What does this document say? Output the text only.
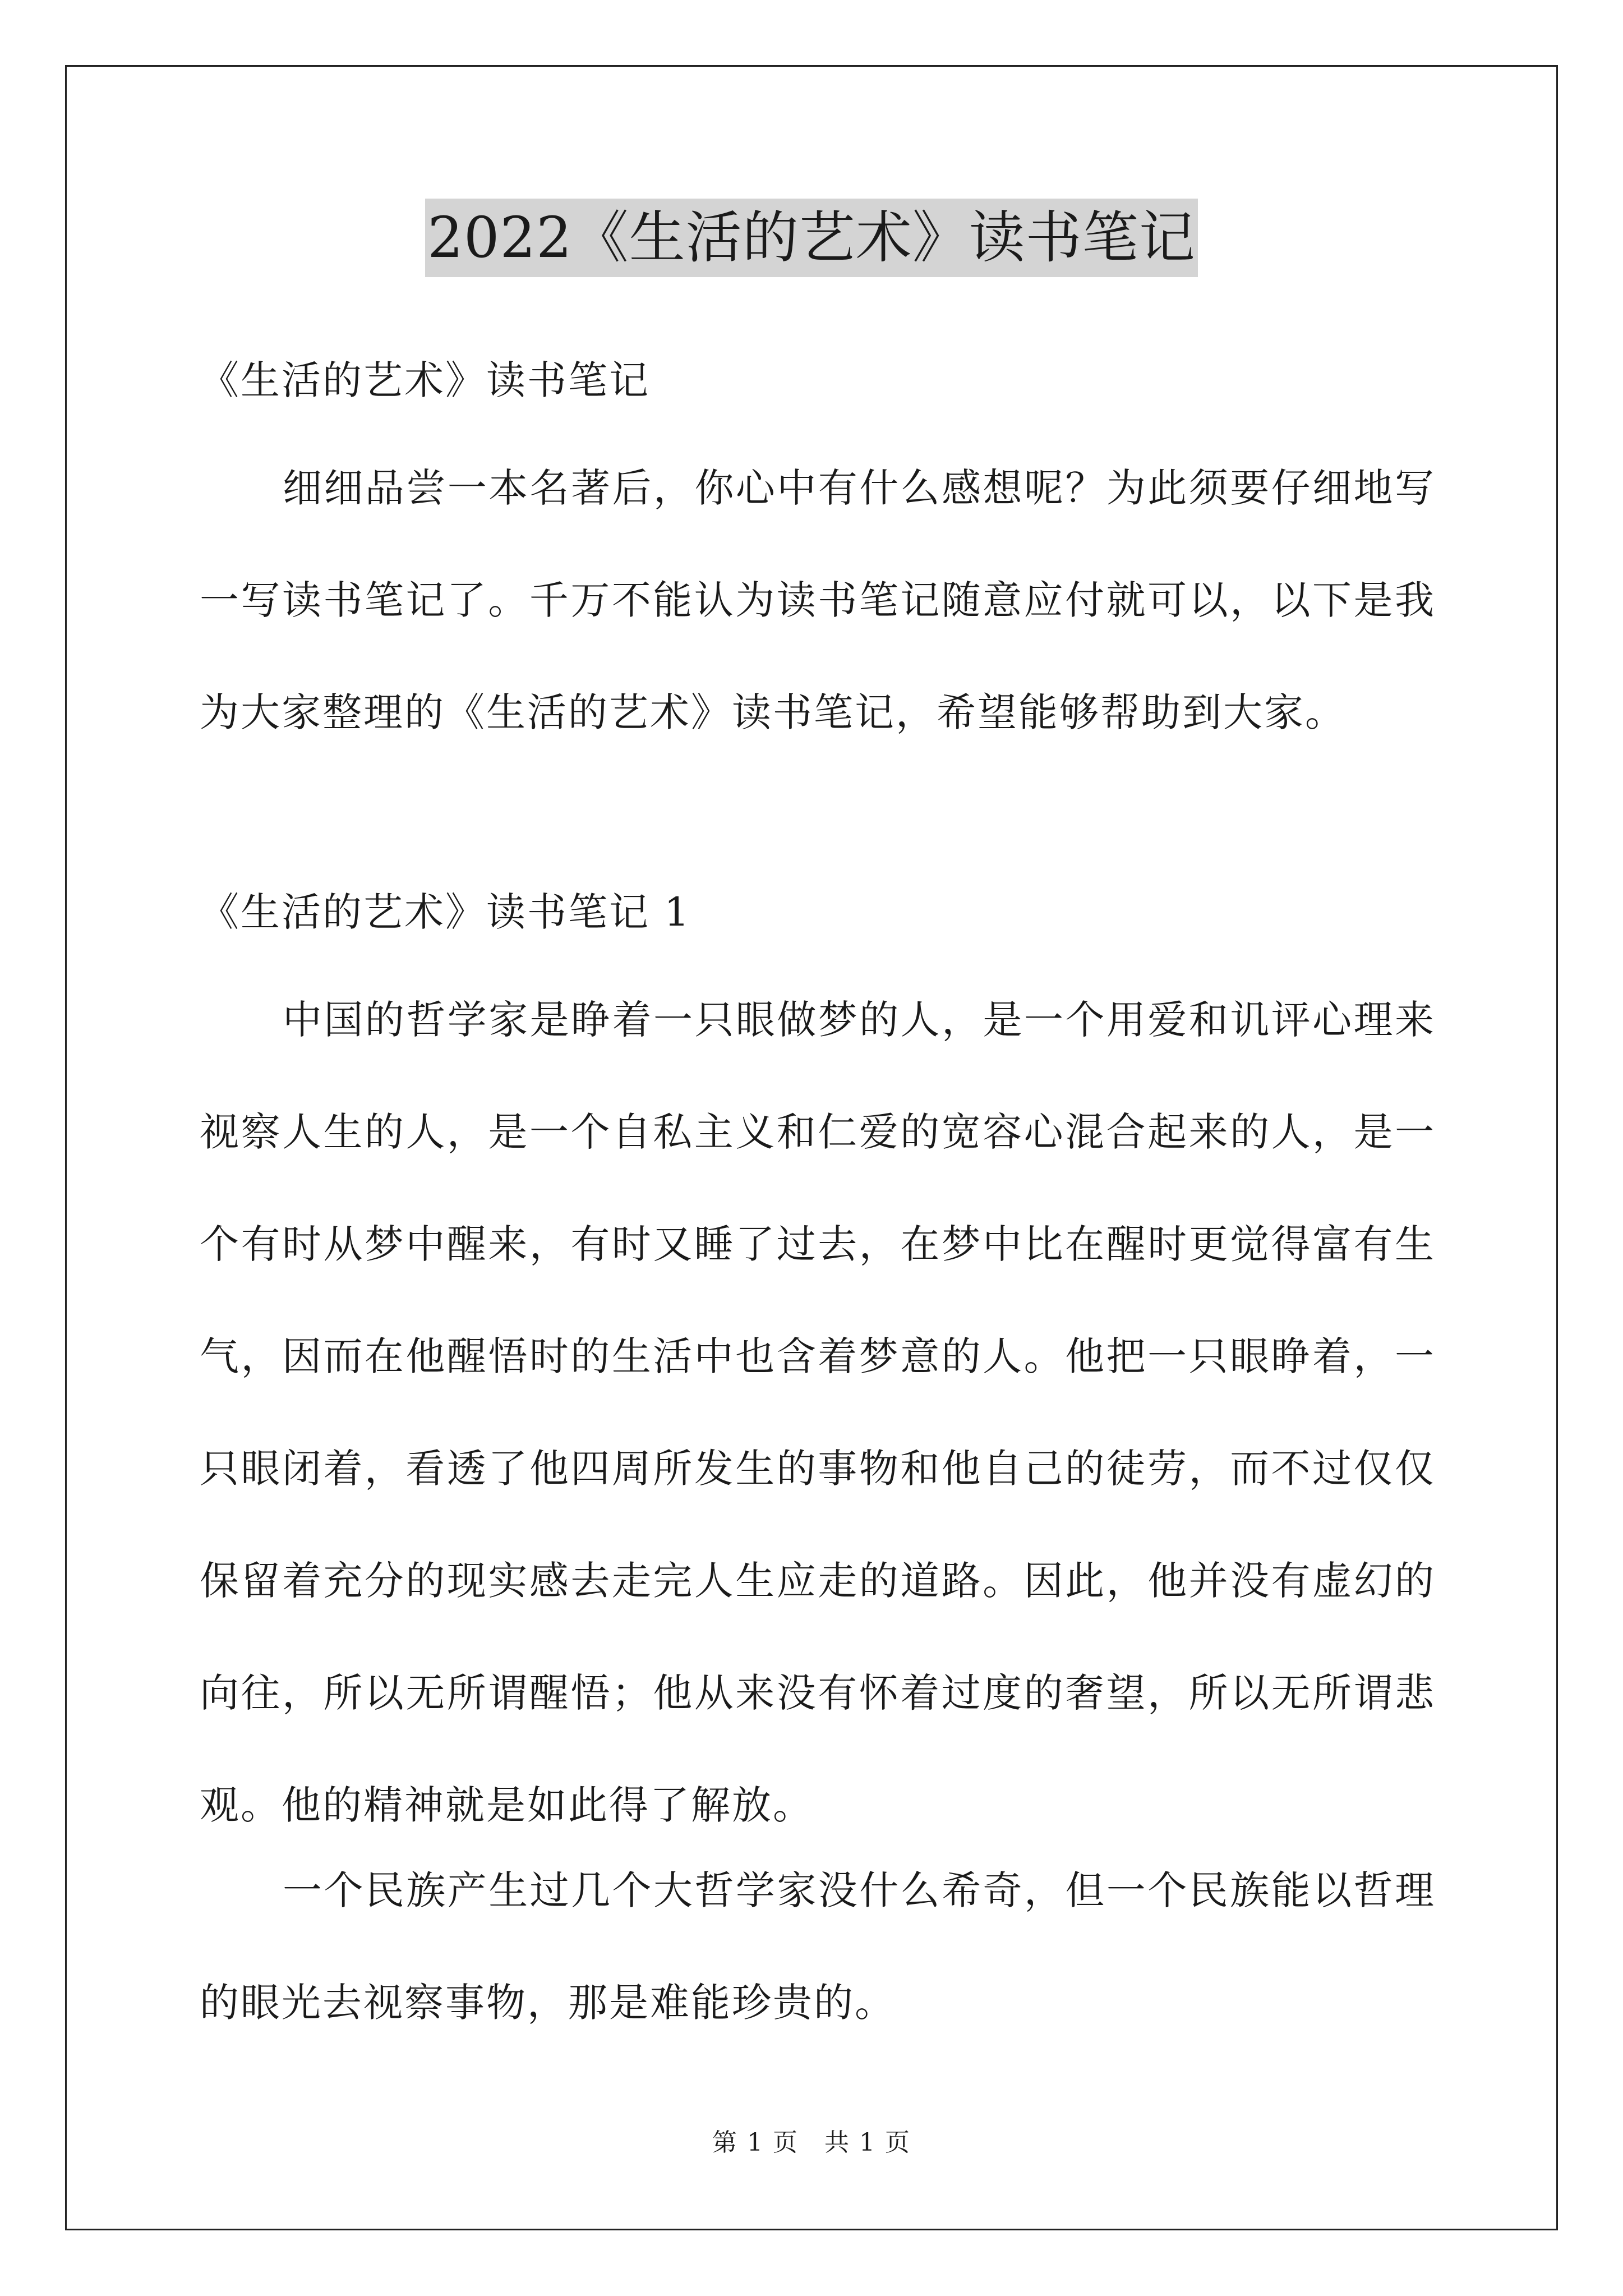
2022《生活的艺术》读书笔记

《生活的艺术》读书笔记

细细品尝一本名著后，你心中有什么感想呢？为此须要仔细地写一写读书笔记了。千万不能认为读书笔记随意应付就可以，以下是我为大家整理的《生活的艺术》读书笔记，希望能够帮助到大家。

《生活的艺术》读书笔记 1

中国的哲学家是睁着一只眼做梦的人，是一个用爱和讥评心理来视察人生的人，是一个自私主义和仁爱的宽容心混合起来的人，是一个有时从梦中醒来，有时又睡了过去，在梦中比在醒时更觉得富有生气，因而在他醒悟时的生活中也含着梦意的人。他把一只眼睁着，一只眼闭着，看透了他四周所发生的事物和他自己的徒劳，而不过仅仅保留着充分的现实感去走完人生应走的道路。因此，他并没有虚幻的向往，所以无所谓醒悟；他从来没有怀着过度的奢望，所以无所谓悲观。他的精神就是如此得了解放。

一个民族产生过几个大哲学家没什么希奇，但一个民族能以哲理的眼光去视察事物，那是难能珍贵的。

第 1 页　共 1 页
